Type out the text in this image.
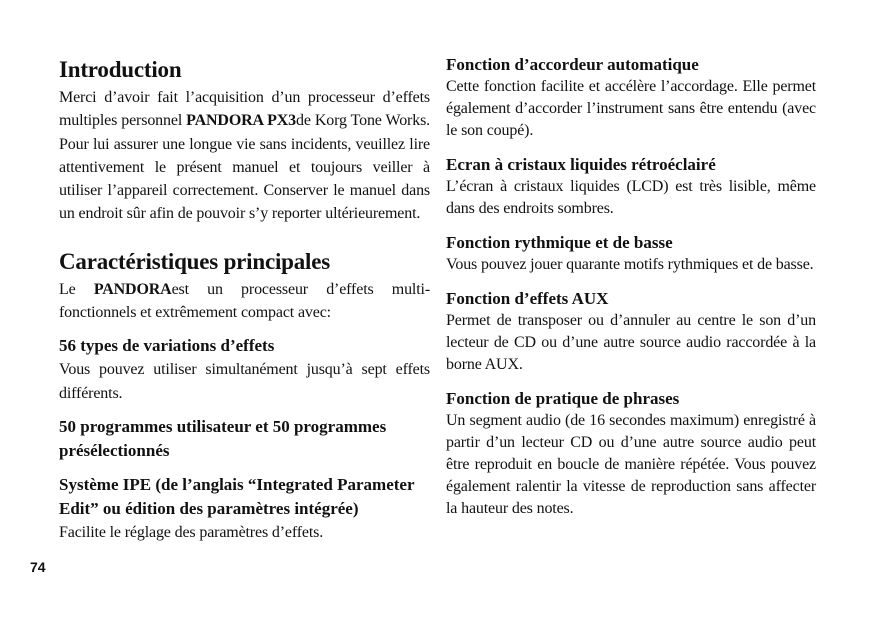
Introduction

Merci d’avoir fait l’acquisition d’un processeur d’effets multiples personnel PANDORA PX3de Korg Tone Works. Pour lui assurer une longue vie sans incidents, veuillez lire attentivement le présent manuel et toujours veiller à utiliser l’appareil correctement. Conserver le manuel dans un endroit sûr afin de pouvoir s’y reporter ultérieurement.

Caractéristiques principales

Le PANDORAest un processeur d’effets multi-fonctionnels et extrêmement compact avec:

56 types de variations d’effets

Vous pouvez utiliser simultanément jusqu’à sept effets différents.

50 programmes utilisateur et 50 programmes présélectionnés
Système IPE (de l’anglais “Integrated Parameter Edit” ou édition des paramètres intégrée)

Facilite le réglage des paramètres d’effets.

Fonction d’accordeur automatique

Cette fonction facilite et accélère l’accordage. Elle permet également d’accorder l’instrument sans être entendu (avec le son coupé).

Ecran à cristaux liquides rétroéclairé

L’écran à cristaux liquides (LCD) est très lisible, même dans des endroits sombres.

Fonction rythmique et de basse

Vous pouvez jouer quarante motifs rythmiques et de basse.

Fonction d’effets AUX

Permet de transposer ou d’annuler au centre le son d’un lecteur de CD ou d’une autre source audio raccordée à la borne AUX.

Fonction de pratique de phrases

Un segment audio (de 16 secondes maximum) enregistré à partir d’un lecteur CD ou d’une autre source audio peut être reproduit en boucle de manière répétée. Vous pouvez également ralentir la vitesse de reproduction sans affecter la hauteur des notes.

74
